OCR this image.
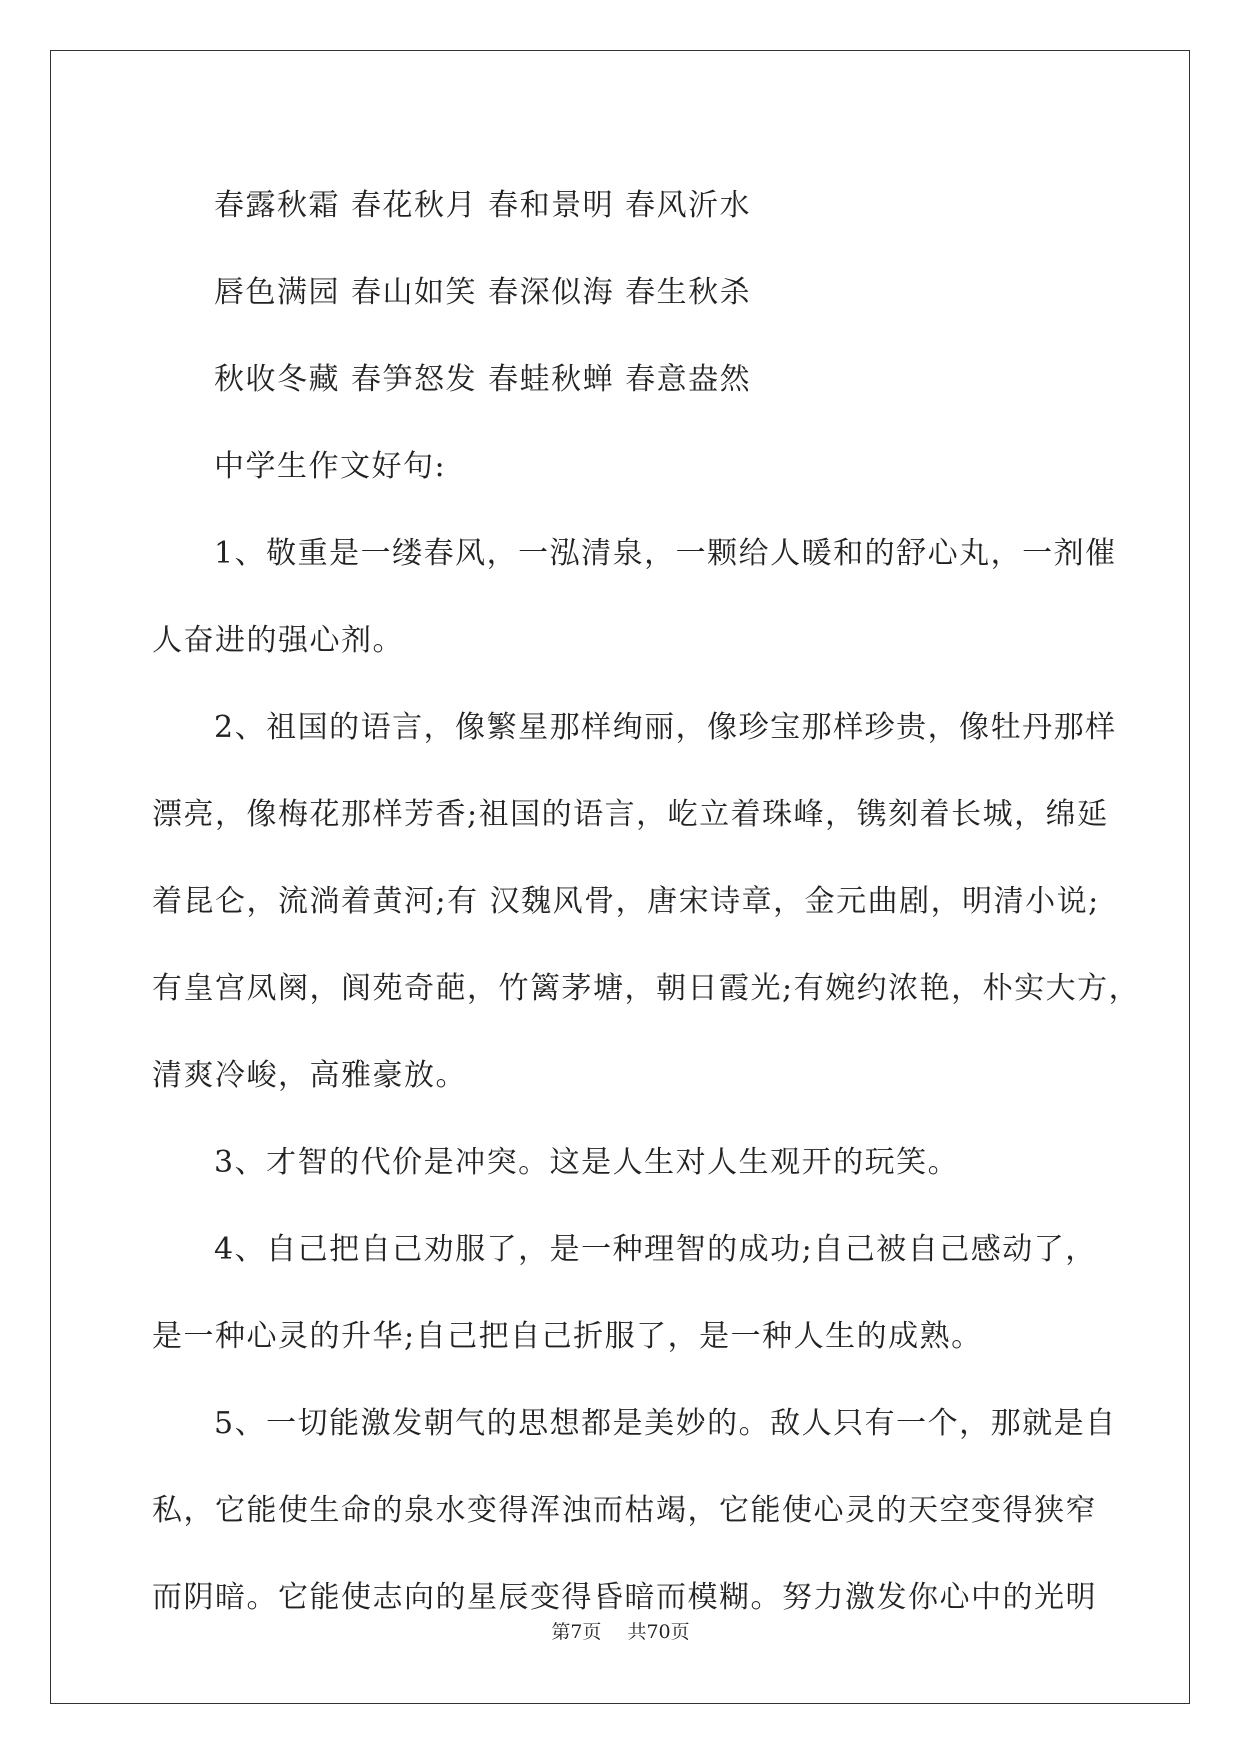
春露秋霜 春花秋月 春和景明 春风沂水

唇色满园 春山如笑 春深似海 春生秋杀

秋收冬藏 春笋怒发 春蛙秋蝉 春意盎然

中学生作文好句:

1、敬重是一缕春风，一泓清泉，一颗给人暖和的舒心丸，一剂催

人奋进的强心剂。

2、祖国的语言，像繁星那样绚丽，像珍宝那样珍贵，像牡丹那样

漂亮，像梅花那样芳香;祖国的语言，屹立着珠峰，镌刻着长城，绵延

着昆仑，流淌着黄河;有 汉魏风骨，唐宋诗章，金元曲剧，明清小说;

有皇宫凤阕，阆苑奇葩，竹篱茅塘，朝日霞光;有婉约浓艳，朴实大方，

清爽冷峻，高雅豪放。

3、才智的代价是冲突。这是人生对人生观开的玩笑。

4、自己把自己劝服了，是一种理智的成功;自己被自己感动了，

是一种心灵的升华;自己把自己折服了，是一种人生的成熟。

5、一切能激发朝气的思想都是美妙的。敌人只有一个，那就是自

私，它能使生命的泉水变得浑浊而枯竭，它能使心灵的天空变得狭窄

而阴暗。它能使志向的星辰变得昏暗而模糊。努力激发你心中的光明

第7页 共70页
